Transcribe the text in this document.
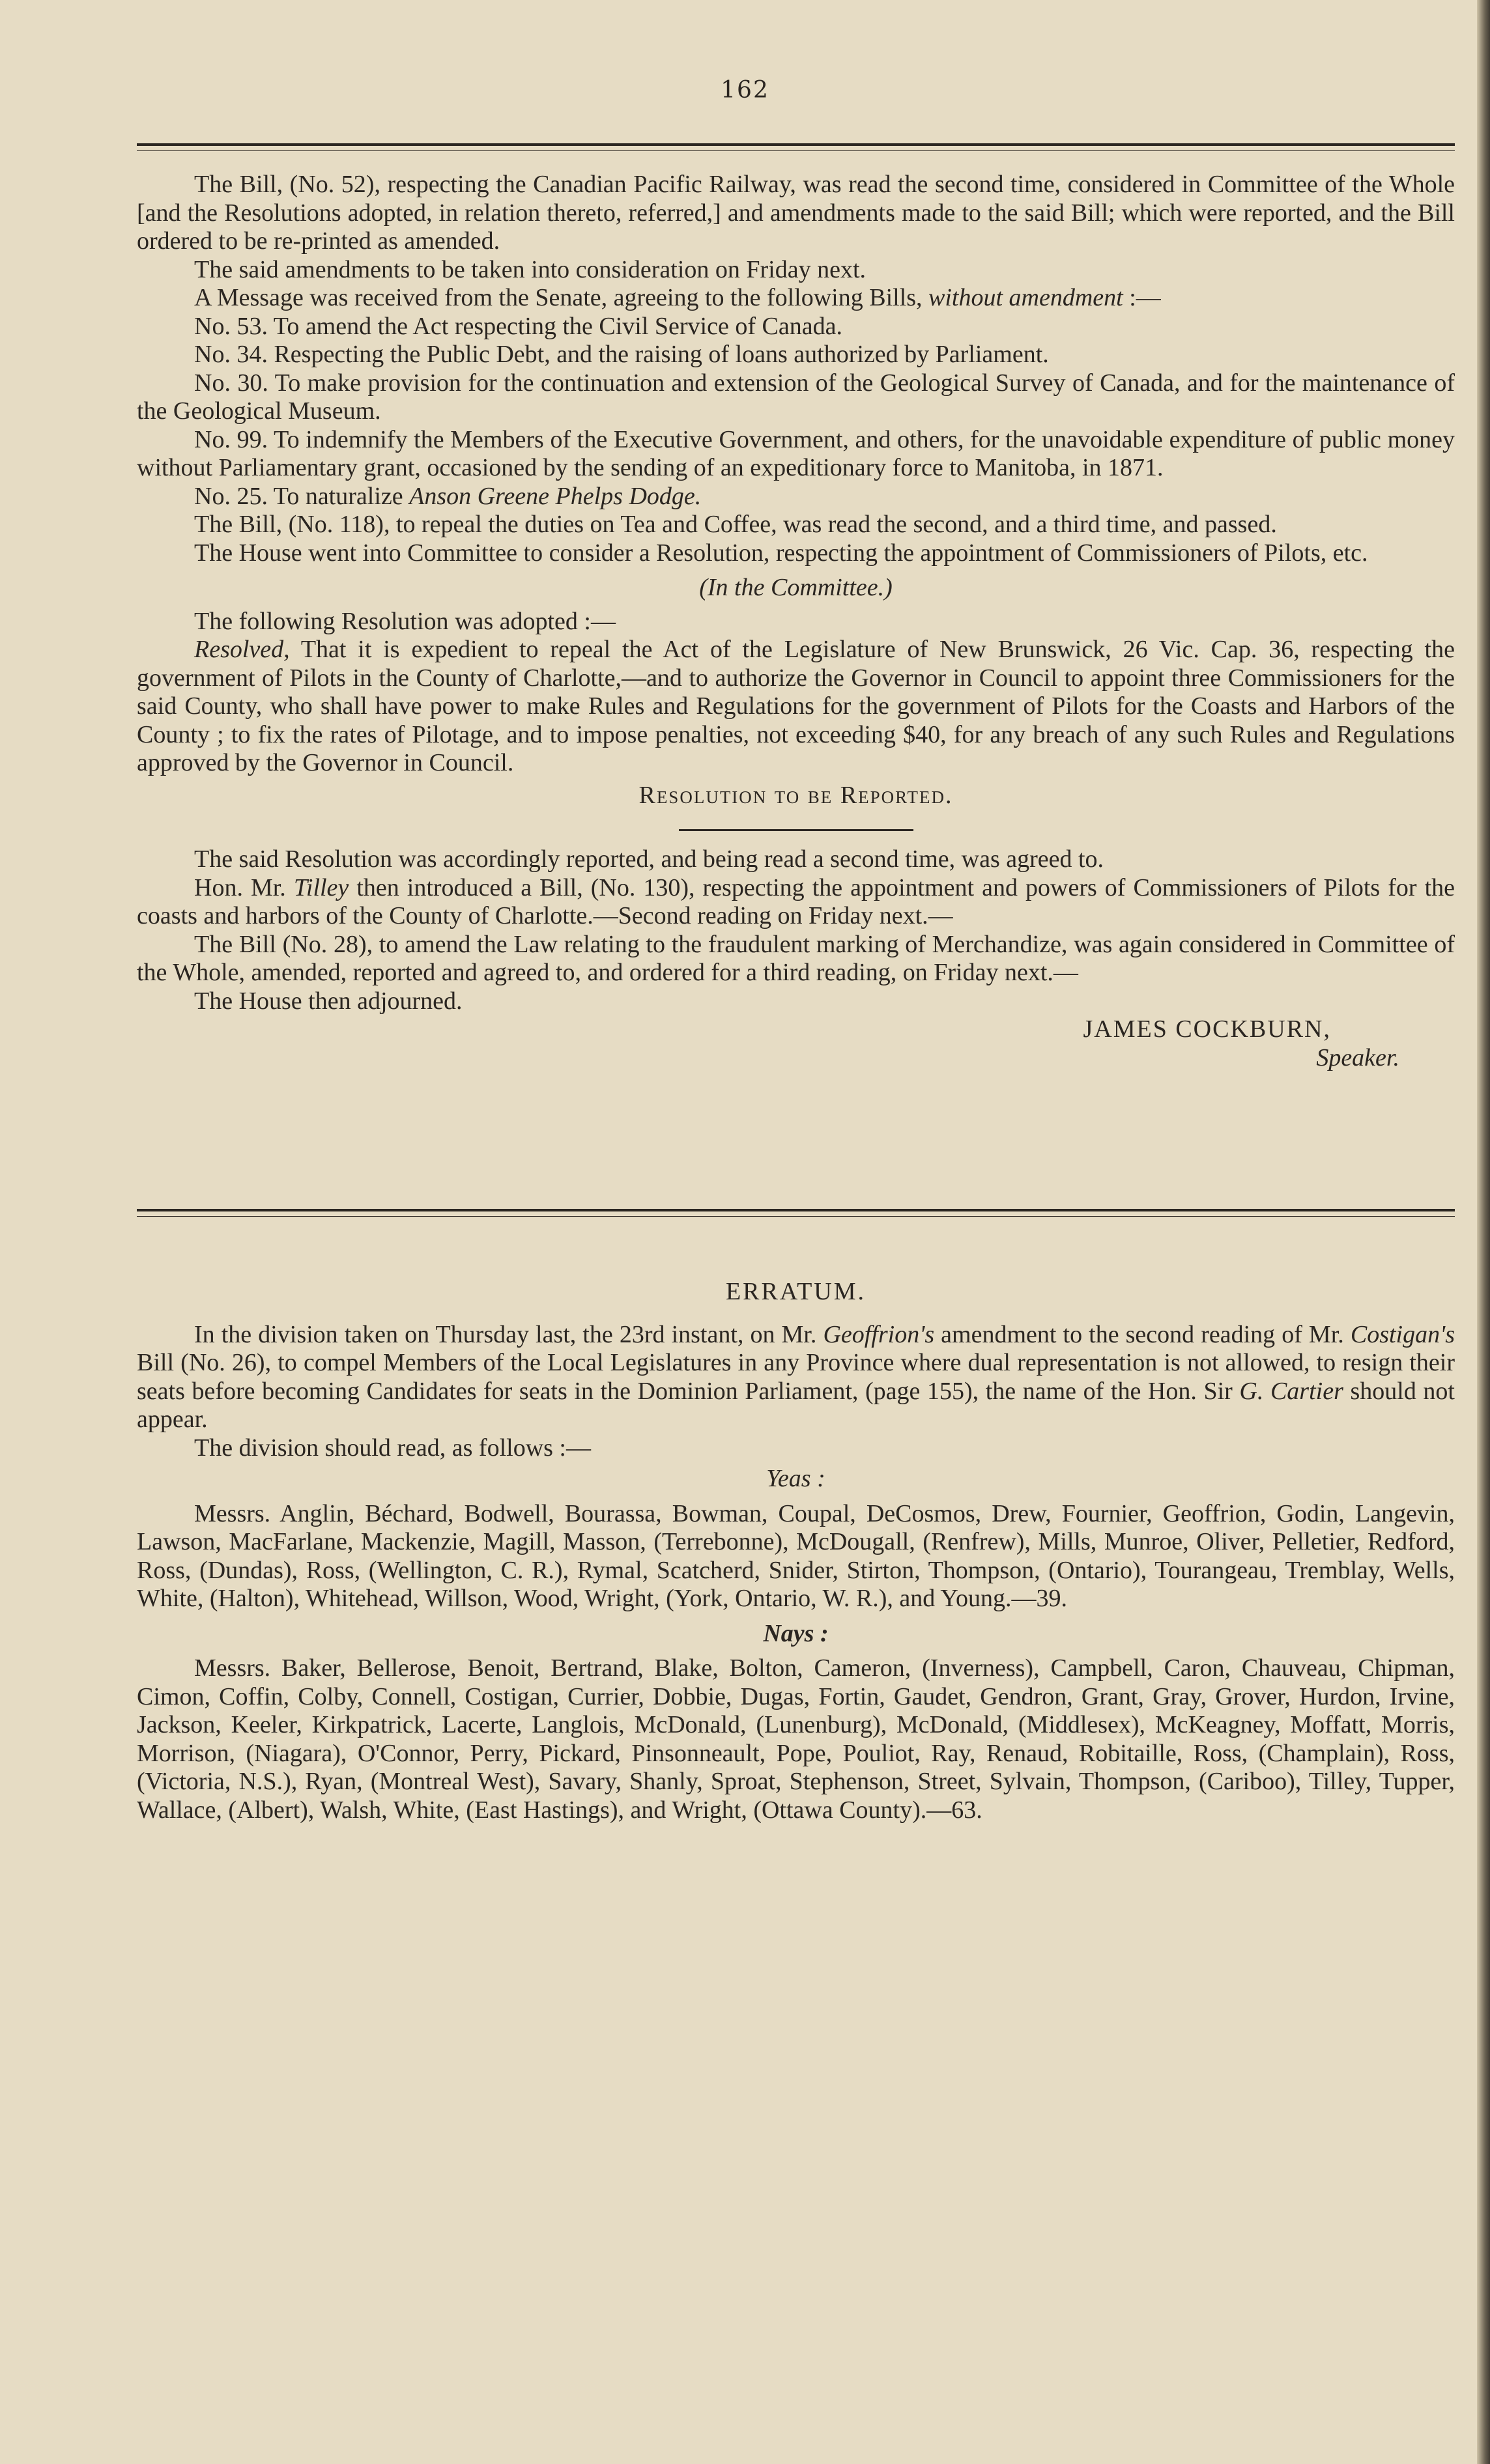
162

The Bill, (No. 52), respecting the Canadian Pacific Railway, was read the second time, considered in Committee of the Whole [and the Resolutions adopted, in relation thereto, referred,] and amendments made to the said Bill; which were reported, and the Bill ordered to be re-printed as amended.

The said amendments to be taken into consideration on Friday next.

A Message was received from the Senate, agreeing to the following Bills, without amendment :—

No. 53. To amend the Act respecting the Civil Service of Canada.

No. 34. Respecting the Public Debt, and the raising of loans authorized by Parliament.

No. 30. To make provision for the continuation and extension of the Geological Survey of Canada, and for the maintenance of the Geological Museum.

No. 99. To indemnify the Members of the Executive Government, and others, for the unavoidable expenditure of public money without Parliamentary grant, occasioned by the sending of an expeditionary force to Manitoba, in 1871.

No. 25. To naturalize Anson Greene Phelps Dodge.

The Bill, (No. 118), to repeal the duties on Tea and Coffee, was read the second, and a third time, and passed.

The House went into Committee to consider a Resolution, respecting the appointment of Commissioners of Pilots, etc.

(In the Committee.)

The following Resolution was adopted :—

Resolved, That it is expedient to repeal the Act of the Legislature of New Brunswick, 26 Vic. Cap. 36, respecting the government of Pilots in the County of Charlotte,—and to authorize the Governor in Council to appoint three Commissioners for the said County, who shall have power to make Rules and Regulations for the government of Pilots for the Coasts and Harbors of the County ; to fix the rates of Pilotage, and to impose penalties, not exceeding $40, for any breach of any such Rules and Regulations approved by the Governor in Council.

Resolution to be Reported.

The said Resolution was accordingly reported, and being read a second time, was agreed to.

Hon. Mr. Tilley then introduced a Bill, (No. 130), respecting the appointment and powers of Commissioners of Pilots for the coasts and harbors of the County of Charlotte.—Second reading on Friday next.—

The Bill (No. 28), to amend the Law relating to the fraudulent marking of Merchandize, was again considered in Committee of the Whole, amended, reported and agreed to, and ordered for a third reading, on Friday next.—

The House then adjourned.

JAMES COCKBURN,

Speaker.

ERRATUM.

In the division taken on Thursday last, the 23rd instant, on Mr. Geoffrion's amendment to the second reading of Mr. Costigan's Bill (No. 26), to compel Members of the Local Legislatures in any Province where dual representation is not allowed, to resign their seats before becoming Candidates for seats in the Dominion Parliament, (page 155), the name of the Hon. Sir G. Cartier should not appear.

The division should read, as follows :—

Yeas :

Messrs. Anglin, Béchard, Bodwell, Bourassa, Bowman, Coupal, DeCosmos, Drew, Fournier, Geoffrion, Godin, Langevin, Lawson, MacFarlane, Mackenzie, Magill, Masson, (Terrebonne), McDougall, (Renfrew), Mills, Munroe, Oliver, Pelletier, Redford, Ross, (Dundas), Ross, (Wellington, C. R.), Rymal, Scatcherd, Snider, Stirton, Thompson, (Ontario), Tourangeau, Tremblay, Wells, White, (Halton), Whitehead, Willson, Wood, Wright, (York, Ontario, W. R.), and Young.—39.

Nays :

Messrs. Baker, Bellerose, Benoit, Bertrand, Blake, Bolton, Cameron, (Inverness), Campbell, Caron, Chauveau, Chipman, Cimon, Coffin, Colby, Connell, Costigan, Currier, Dobbie, Dugas, Fortin, Gaudet, Gendron, Grant, Gray, Grover, Hurdon, Irvine, Jackson, Keeler, Kirkpatrick, Lacerte, Langlois, McDonald, (Lunenburg), McDonald, (Middlesex), McKeagney, Moffatt, Morris, Morrison, (Niagara), O'Connor, Perry, Pickard, Pinsonneault, Pope, Pouliot, Ray, Renaud, Robitaille, Ross, (Champlain), Ross, (Victoria, N.S.), Ryan, (Montreal West), Savary, Shanly, Sproat, Stephenson, Street, Sylvain, Thompson, (Cariboo), Tilley, Tupper, Wallace, (Albert), Walsh, White, (East Hastings), and Wright, (Ottawa County).—63.
